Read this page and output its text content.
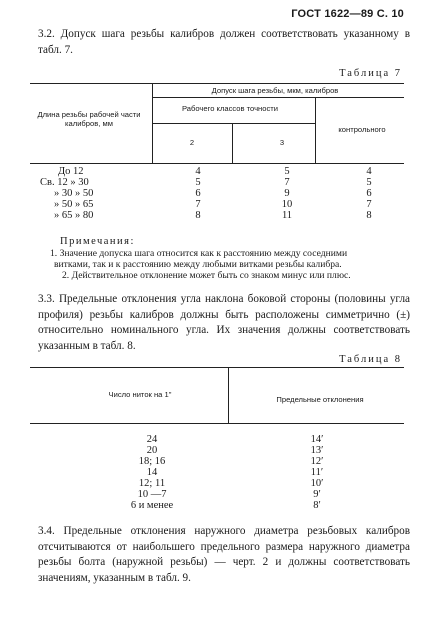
ГОСТ 1622—89 С. 10
3.2. Допуск шага резьбы калибров должен соответствовать указанному в табл. 7.
Таблица 7
Длина резьбы рабочей части калибров, мм
Допуск шага резьбы, мкм, калибров
Рабочего классов точности
2	3
контрольного
До 12
Св. 12 » 30
» 30 » 50
» 50 » 65
» 65 » 80
4
5
6
7
8
5
7
9
10
11
4
5
6
7
8
Примечания:
1. Значение допуска шага относится как к расстоянию между соседними
витками, так и к расстоянию между любыми витками резьбы калибра.
2. Действительное отклонение может быть со знаком минус или плюс.
3.3. Предельные отклонения угла наклона боковой стороны (половины угла профиля) резьбы калибров должны быть расположены симметрично (±) относительно номинального угла. Их значения должны соответствовать указанным в табл. 8.
Таблица 8
Число ниток на 1"
Предельные отклонения
24
20
18; 16
14
12; 11
10 —7
6 и менее
14′
13′
12′
11′
10′
9′
8′
3.4. Предельные отклонения наружного диаметра резьбовых калибров отсчитываются от наибольшего предельного размера наружного диаметра резьбы болта (наружной резьбы) — черт. 2 и должны соответствовать значениям, указанным в табл. 9.
